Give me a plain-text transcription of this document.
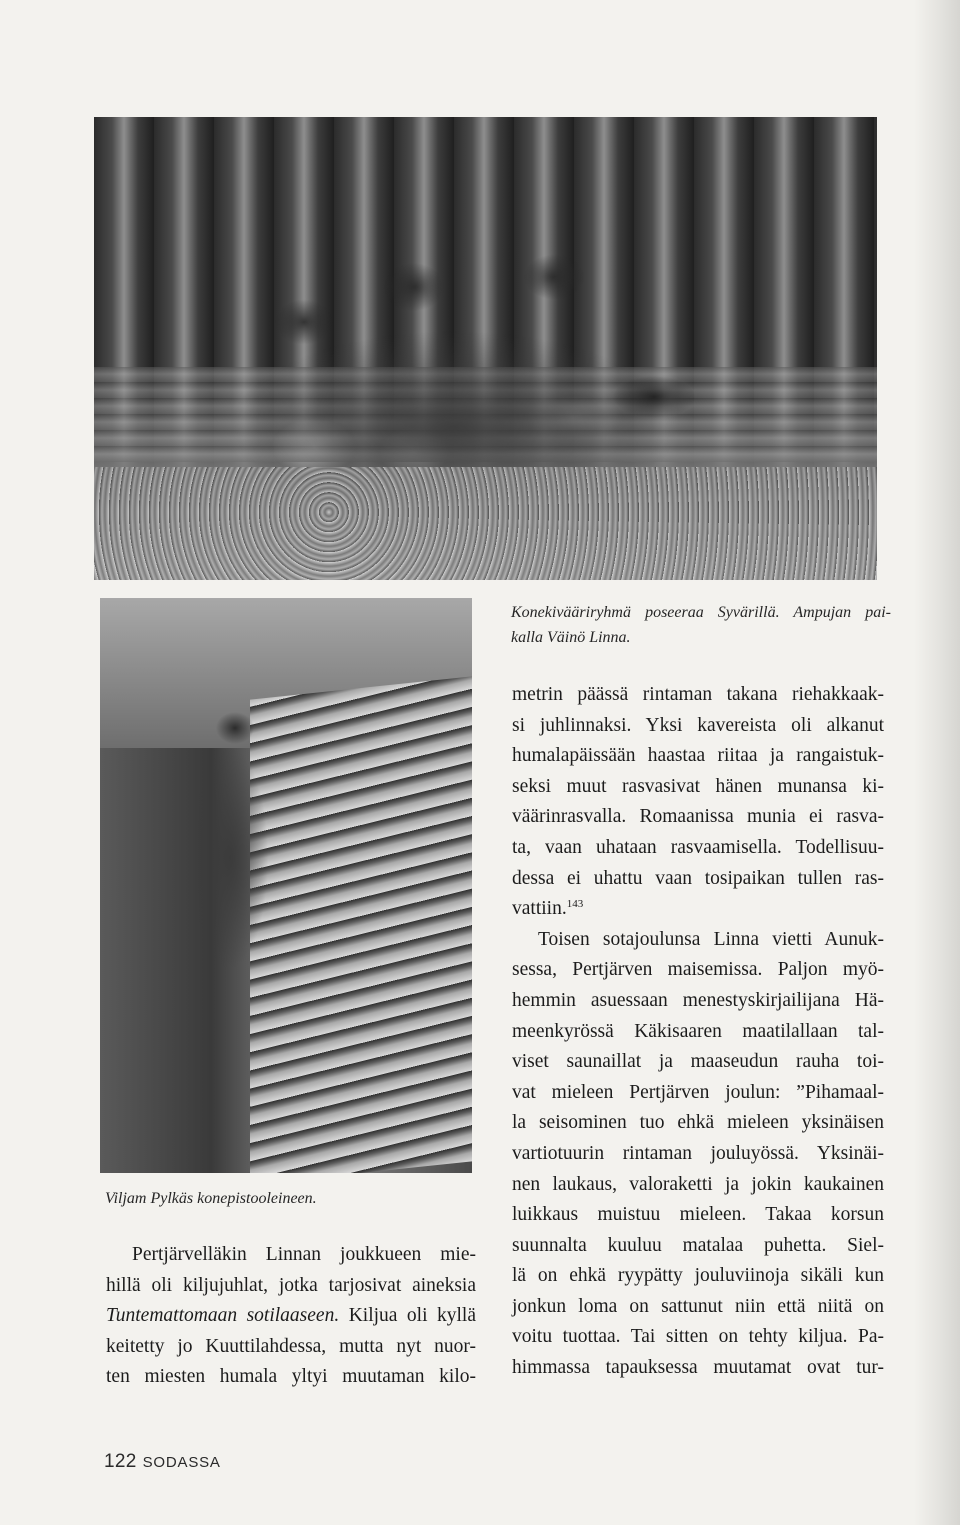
Konekivääriryhmä poseeraa Syvärillä. Ampujan pai-
kalla Väinö Linna.
Viljam Pylkäs konepistooleineen.
Pertjärvelläkin Linnan joukkueen mie-
hillä oli kiljujuhlat, jotka tarjosivat aineksia
Tuntemattomaan sotilaaseen. Kiljua oli kyllä
keitetty jo Kuuttilahdessa, mutta nyt nuor-
ten miesten humala yltyi muutaman kilo-
metrin päässä rintaman takana riehakkaak-
si juhlinnaksi. Yksi kavereista oli alkanut
humalapäissään haastaa riitaa ja rangaistuk-
seksi muut rasvasivat hänen munansa ki-
väärinrasvalla. Romaanissa munia ei rasva-
ta, vaan uhataan rasvaamisella. Todellisuu-
dessa ei uhattu vaan tosipaikan tullen ras-
vattiin.$^{143}$
Toisen sotajoulunsa Linna vietti Aunuk-
sessa, Pertjärven maisemissa. Paljon myö-
hemmin asuessaan menestyskirjailijana Hä-
meenkyrössä Käkisaaren maatilallaan tal-
viset saunaillat ja maaseudun rauha toi-
vat mieleen Pertjärven joulun: ”Pihamaal-
la seisominen tuo ehkä mieleen yksinäisen
vartiotuurin rintaman jouluyössä. Yksinäi-
nen laukaus, valoraketti ja jokin kaukainen
luikkaus muistuu mieleen. Takaa korsun
suunnalta kuuluu matalaa puhetta. Siel-
lä on ehkä ryypätty jouluviinoja sikäli kun
jonkun loma on sattunut niin että niitä on
voitu tuottaa. Tai sitten on tehty kiljua. Pa-
himmassa tapauksessa muutamat ovat tur-
122 SODASSA
